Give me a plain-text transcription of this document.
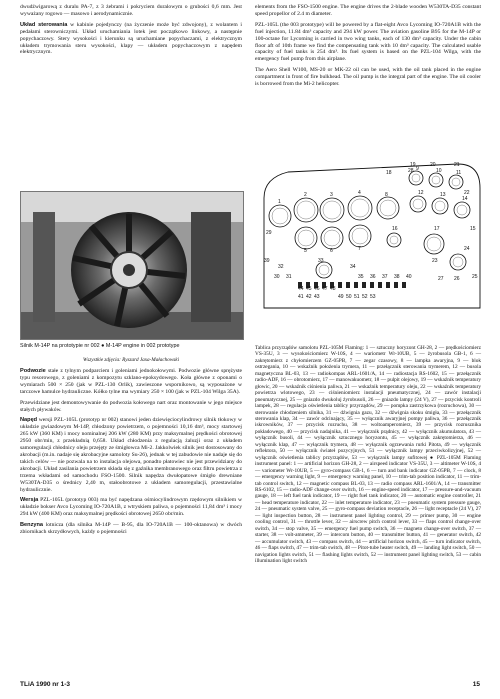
dwudźwigarową z duralu PA-7, z 3 żebrami i pokryciem duralowym o grubości 0,6 mm. Jest wyważany rogowo — masowo i aerodynamicznie.

Układ sterowania w kabinie pojedynczy (na życzenie może być zdwojony), z wolantem i pedałami sterowniczymi. Układ uruchamiania lotek jest początkowo linkowy, a następnie popychaczowy. Stery wysokości i kierunku są uruchamiane popychaczami, z elektrycznym układem trymowania steru wysokości, klapy — układem popychaczowym z napędem elektrycznym.

Silnik M-14P na prototypie nr 002 ● M-14P engine in 002 prototype
Wszystkie zdjęcia: Ryszard Jaxa-Małachowski

Podwozie stałe z tylnym podparciem i goleniami jednokołowymi. Podwozie główne sprężyste typu resorowego, z goleniami z kompozytu szklano-epoksydowego. Koła główne z oponami o wymiarach 500 × 250 (jak w PZL-130 Orlik), zawieszone wspornikowo, są wyposażone w tarczowe hamulce hydrauliczne. Kółko tylne ma wymiary 250 × 100 (jak w PZL-104 Wilga 35A).

Przewidziane jest demontowywanie do podwozia kołowego nart oraz montowanie w jego miejsce stałych pływaków.

Napęd wersji PZL-105L (prototyp nr 002) stanowi jeden dziewięciocylindrowy silnik tłokowy w układzie gwiazdowym M-14P, chłodzony powietrzem, o pojemności 10,16 dm³, mocy startowej 265 kW (360 KM) i mocy nominalnej 206 kW (280 KM) przy maksymalnej prędkości obrotowej 2950 obr/min, z przekładnią 0,658. Układ chłodzenia z regulacją żaluzji oraz z układem samoregulacji chłodnicy oleju przejęty ze śmigłowca Mi-2. Jakkolwiek silnik jest dostosowany do akrobacji (m.in. nadaje się akrobacyjne samoloty Su-26), jednak w tej zabudowie nie nadaje się do takich celów — nie pozwala na to instalacja olejowa, ponadto płatowiec nie jest przewidziany do akrobacji. Układ zasilania powietrzem składa się z gaźnika membranowego oraz filtru powietrza z trzema wkładami od samochodu FSO-1500. Silnik napędza dwułopatowe śmigło drewniane W530TA-D35 o średnicy 2,40 m, stałoobrotowe z układem samoregulacji, przestawialne hydraulicznie.

Wersja PZL-105L (prototyp 003) ma być napędzana ośmiocylindrowym rzędowym silnikiem w układzie bokser Avco Lycoming IO-720A1B, z wtryskiem paliwa, o pojemności 11,84 dm³ i mocy 294 kW (400 KM) oraz maksymalnej prędkości obrotowej 2650 obr/min.

Benzyna lotnicza (dla silnika M-14P — B-95, dla IO-720A1B — 100-oktanowa) w dwóch zbiornikach skrzydłowych, każdy o pojemności

elements from the FSO-1500 engine. The engine drives the 2-blade wooden W530TA-D35 constant speed propellor of 2.4 m diameter.

PZL-105L (the 003 prototype) will be powered by a flat-eight Avco Lycoming IO-720A1B with the fuel injection, 11.84 dm³ capacity and 294 kW power. The aviation gasoline B95 for the M-14P or 100-octane for Lycoming is carried in two wing tanks, each of 130 dm³ capacity. Under the cabin floor aft of 10th frame we find the compensating tank with 10 dm³ capacity. The calculated usable capacity of fuel tanks is 254 dm³. Its fuel system is based on the PZL-104 Wilga, with the emergency fuel pump from this airplane.

The Aero Shell W100, MS-20 or MK-22 oil can be used, with the oil tank placed in the engine compartment in front of fire bulkhead. The oil pump is the integral part of the engine. The oil cooler is borrowed from the Mi-2 helicopter.

1
2	3	4
5	6	7
8
9	10	11
12	13
14
15
16	17
18
19	20	21
22
23
24
25
26
27
28
29
30 31
32
33
34
35 36 37 38
39
40
41 42 43
44 45 46 47 48
49 50 51 52 53
Tablica przyrządów samolotu PZL-105M Flaming: 1 — sztuczny horyzont GH-28, 2 — prędkościomierz VS-35U, 3 — wysokościomierz W-10S, 4 — wariometr Wr-10UB, 5 — żyrobusola GB-1, 6 — zakrętomierz z chyłomierzem GZ-05PB, 7 — zegar czasowy, 8 — lampka awaryjna, 9 — blok ostrzegania, 10 — wskaźnik położenia trymera, 11 — przełącznik sterowania trymerem, 12 — busola magnetyczna BL-03, 13 — radiokompas ARL-1601/A, 14 — radiostacja RS-1602, 15 — przełącznik radio-ADF, 16 — obrotomierz, 17 — manowakuometr, 18 — pulpit olejowy, 19 — wskaźnik temperatury głowic, 20 — wskaźnik ciśnienia paliwa, 21 — wskaźnik temperatury oleju, 22 — wskaźnik temperatury powietrza wlotowego, 23 — ciśnieniomierz instalacji pneumatycznej, 24 — zawór instalacji pneumatycznej, 25 — gniazdo dwukoluj żyrobusoli, 26 — gniazdo lampy (24 V), 27 — przycisk kontroli lampek, 28 — regulacja oświetlenia tablicy przyrządów, 29 — pompka zastrzykowa (rozruchowa), 30 — sterowanie chłodzeniem silnika, 31 — dźwignia gazu, 32 — dźwignia skoku śmigła, 33 — przełącznik sterowania klap, 34 — zawór odcinający, 35 — wyłącznik awaryjnej pompy paliwa, 36 — przełącznik iskrowników, 37 — przycisk rozruchu, 38 — woltoamperomierz, 39 — przycisk rozrusznika pokładowego, 40 — przycisk nadajnika, 41 — wyłącznik prądnicy, 42 — wyłącznik akumulatora, 43 — wyłącznik busoli, 44 — wyłącznik sztucznego horyzontu, 45 — wyłącznik zakrętomierza, 46 — wyłącznik klap, 47 — wyłącznik trymera, 48 — wyłącznik ogrzewania rurki Pitota, 49 — wyłącznik reflektora, 50 — wyłącznik świateł pozycyjnych, 51 — wyłącznik lampy przeciwkolizyjnej, 52 — wyłącznik oświetlenia tablicy przyrządów, 53 — wyłącznik lampy sufitowej ● PZL-105M Flaming instrument panel: 1 — artificial horizon GH-28, 2 — airspeed indicator VS-35U, 3 — altimeter W-10S, 4 — variometer Wr-10UB, 5 — gyro-compass GB-1, 6 — turn and bank indicator GZ-05PB, 7 — clock, 8 — emergency warning light, 9 — emergency warning panel, 10 — trim-tab position indicator, 11 — trim-tab control switch, 12 — magnetic compass BL-03, 13 — radio compass ARL-1601/A, 14 — transmitter RS-6102, 15 — radio-ADF change-over switch, 16 — engine-speed indicator, 17 — pressure-and-vacuum gauge, 18 — left fuel tank indicator, 19 — right fuel tank indicator, 20 — automatic engine controller, 21 — head temperature indicator, 22 — inlet temperature indicator, 23 — pneumatic system pressure gauge, 24 — pneumatic system valve, 25 — gyro-compass deviation receptacle, 26 — light receptacle (24 V), 27 — light inspection button, 28 — instrument panel lighting control, 29 — primer pump, 30 — engine cooling control, 31 — throttle lever, 32 — airscrew pitch control lever, 33 — flaps control change-over switch, 34 — stop valve, 35 — emergency fuel pump switch, 36 — magneto change-over switch, 37 — starter, 38 — volt-ammeter, 39 — intercom button, 40 — transmitter button, 41 — generator switch, 42 — accumulator switch, 43 — compass switch, 44 — artificial horizon switch, 45 — turn indicator switch, 46 — flaps switch, 47 — trim-tab switch, 48 — Pitot-tube heater switch, 49 — landing light switch, 50 — navigation lights switch, 51 — flashing lights switch, 52 — instrument panel lighting switch, 53 — cabin illumination light switch
TLiA 1990 nr 1-3	15
